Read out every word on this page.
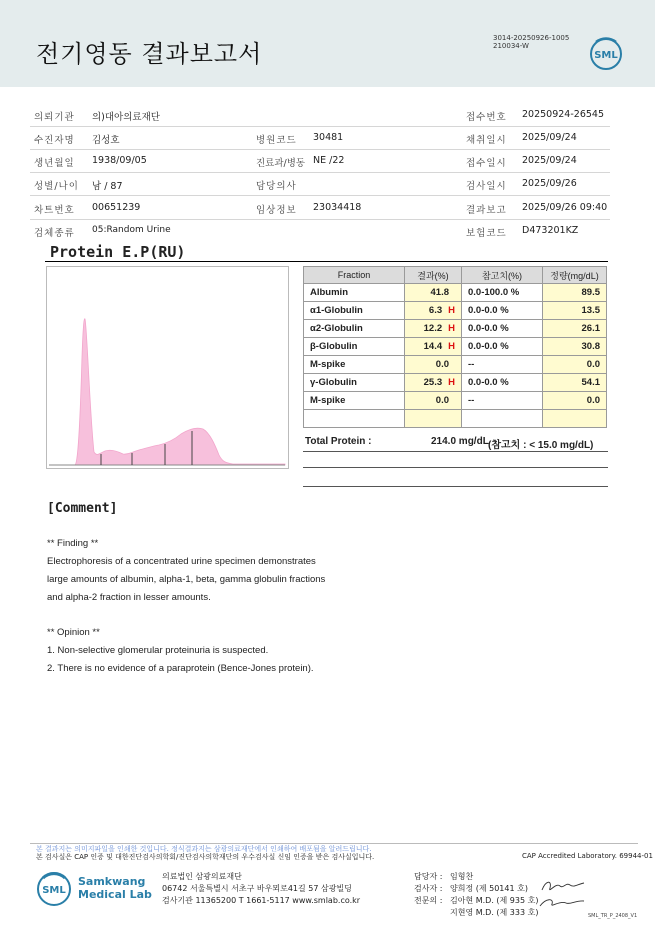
전기영동 결과보고서
3014-20250926-1005
210034-W
SML
의뢰기관 의)대아의료재단	접수번호 20250924-26545
수진자명 김성호	병원코드 30481	채취일시 2025/09/24
생년월일 1938/09/05	진료과/병동 NE /22	접수일시 2025/09/24
성별/나이 남 / 87	담당의사	검사일시 2025/09/26
차트번호 00651239	임상정보 23034418	결과보고 2025/09/26 09:40
검체종류 05:Random Urine	보험코드 D473201KZ
Protein E.P(RU)
Fraction	결과(%)	참고치(%)	정량(mg/dL)
Albumin	41.8	0.0-100.0 %	89.5
α1-Globulin	6.3 H	0.0-0.0 %	13.5
α2-Globulin	12.2 H	0.0-0.0 %	26.1
β-Globulin	14.4 H	0.0-0.0 %	30.8
M-spike	0.0	--	0.0
γ-Globulin	25.3 H	0.0-0.0 %	54.1
M-spike	0.0	--	0.0

Total Protein :	214.0 mg/dL (참고치 : < 15.0 mg/dL)
[Comment]
** Finding **
Electrophoresis of a concentrated urine specimen demonstrates
large amounts of albumin, alpha-1, beta, gamma globulin fractions
and alpha-2 fraction in lesser amounts.
** Opinion **
1. Non-selective glomerular proteinuria is suspected.
2. There is no evidence of a paraprotein (Bence-Jones protein).
본 결과지는 의미지파일을 인쇄한 것입니다. 정식결과지는 삼광의료재단에서 인쇄하여 배포됨을 알려드립니다.
본 검사실은 CAP 인증 및 대한진단검사의학회/진단검사의학재단의 우수검사실 신임 인증을 받은 검사실입니다.	CAP Accredited Laboratory. 69944-01
SML
Samkwang
Medical Lab
의료법인 삼광의료재단
06742 서울특별시 서초구 바우뫼로41길 57 삼광빌딩
검사기관 11365200 T 1661-5117 www.smlab.co.kr
담당자 : 임형찬
검사자 : 양희정 (제 50141 호)
전문의 : 김아현 M.D. (제 935 호)
지현영 M.D. (제 333 호)	SML_TR_P_2408_V1
